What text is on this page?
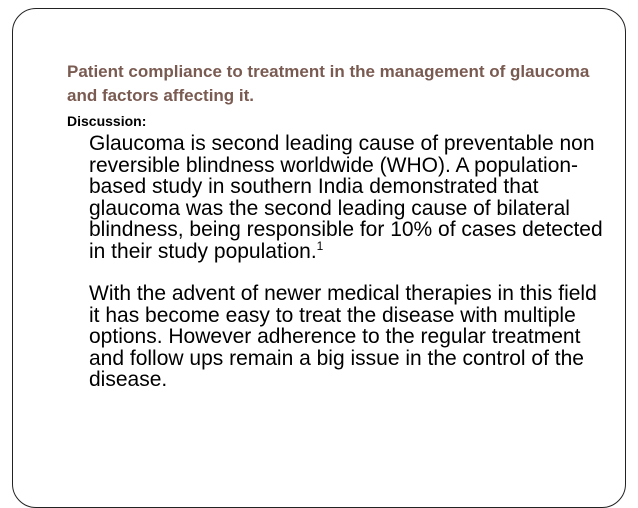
Patient compliance to treatment in the management of glaucoma and factors affecting it.
Discussion:
Glaucoma is second leading cause of preventable non reversible blindness worldwide (WHO). A population-based study in southern India demonstrated that glaucoma was the second leading cause of bilateral blindness, being responsible for 10% of cases detected in their study population.$^1$
With the advent of newer medical therapies in this field it has become easy to treat the disease with multiple options. However adherence to the regular treatment and follow ups remain a big issue in the control of the disease.
